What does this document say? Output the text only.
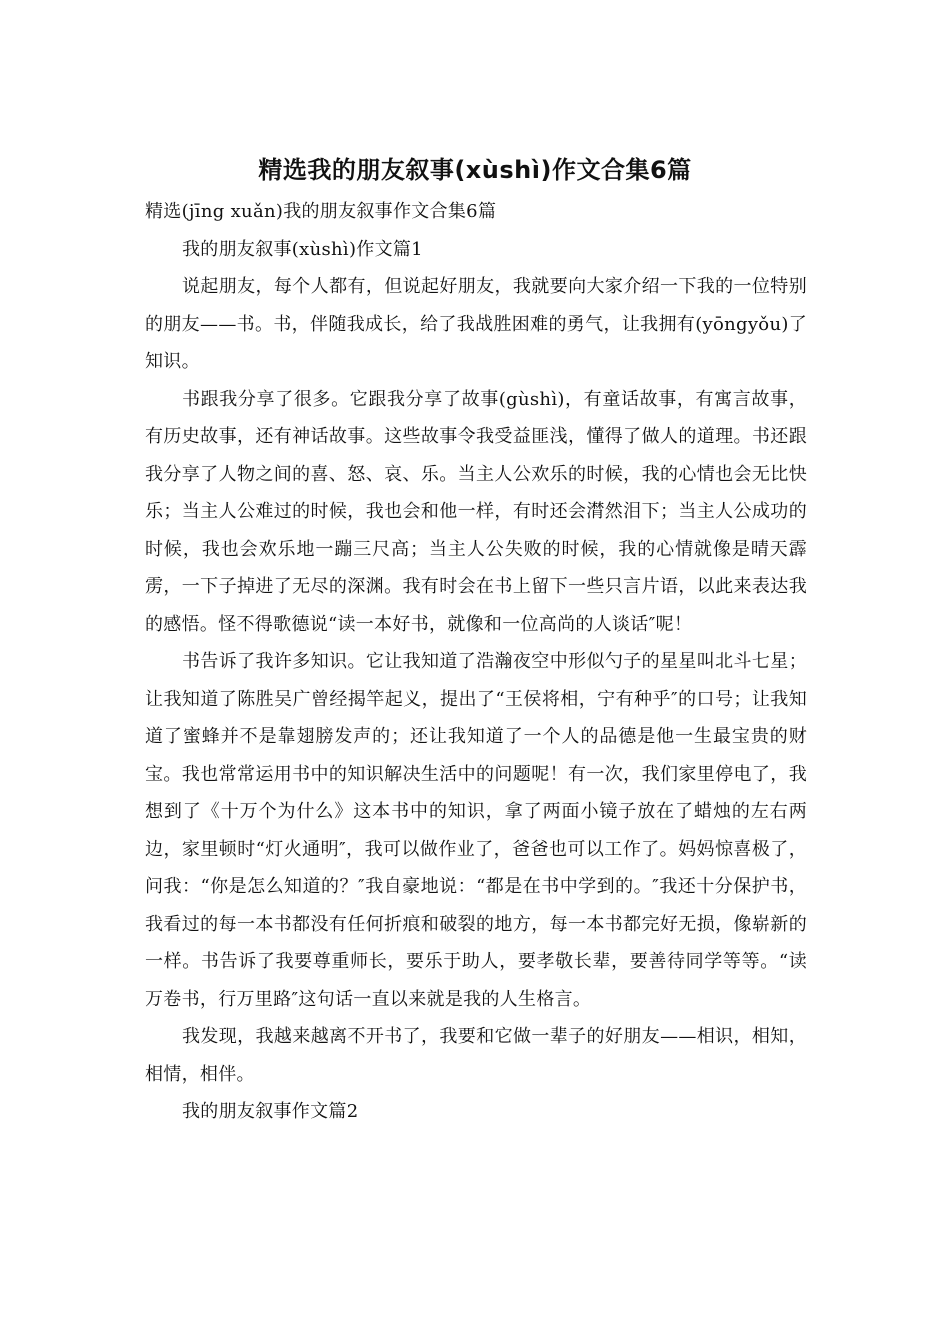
精选我的朋友叙事(xùshì)作文合集6篇

精选(jīng xuǎn)我的朋友叙事作文合集6篇

我的朋友叙事(xùshì)作文篇1

说起朋友，每个人都有，但说起好朋友，我就要向大家介绍一下我的一位特别的朋友——书。书，伴随我成长，给了我战胜困难的勇气，让我拥有(yōngyǒu)了知识。

书跟我分享了很多。它跟我分享了故事(gùshì)，有童话故事，有寓言故事，有历史故事，还有神话故事。这些故事令我受益匪浅，懂得了做人的道理。书还跟我分享了人物之间的喜、怒、哀、乐。当主人公欢乐的时候，我的心情也会无比快乐；当主人公难过的时候，我也会和他一样，有时还会潸然泪下；当主人公成功的时候，我也会欢乐地一蹦三尺高；当主人公失败的时候，我的心情就像是晴天霹雳，一下子掉进了无尽的深渊。我有时会在书上留下一些只言片语，以此来表达我的感悟。怪不得歌德说“读一本好书，就像和一位高尚的人谈话″呢！

书告诉了我许多知识。它让我知道了浩瀚夜空中形似勺子的星星叫北斗七星；让我知道了陈胜吴广曾经揭竿起义，提出了“王侯将相，宁有种乎″的口号；让我知道了蜜蜂并不是靠翅膀发声的；还让我知道了一个人的品德是他一生最宝贵的财宝。我也常常运用书中的知识解决生活中的问题呢！有一次，我们家里停电了，我想到了《十万个为什么》这本书中的知识，拿了两面小镜子放在了蜡烛的左右两边，家里顿时“灯火通明″，我可以做作业了，爸爸也可以工作了。妈妈惊喜极了，问我：“你是怎么知道的？″我自豪地说：“都是在书中学到的。″我还十分保护书，我看过的每一本书都没有任何折痕和破裂的地方，每一本书都完好无损，像崭新的一样。书告诉了我要尊重师长，要乐于助人，要孝敬长辈，要善待同学等等。“读万卷书，行万里路″这句话一直以来就是我的人生格言。

我发现，我越来越离不开书了，我要和它做一辈子的好朋友——相识，相知，相情，相伴。

我的朋友叙事作文篇2
